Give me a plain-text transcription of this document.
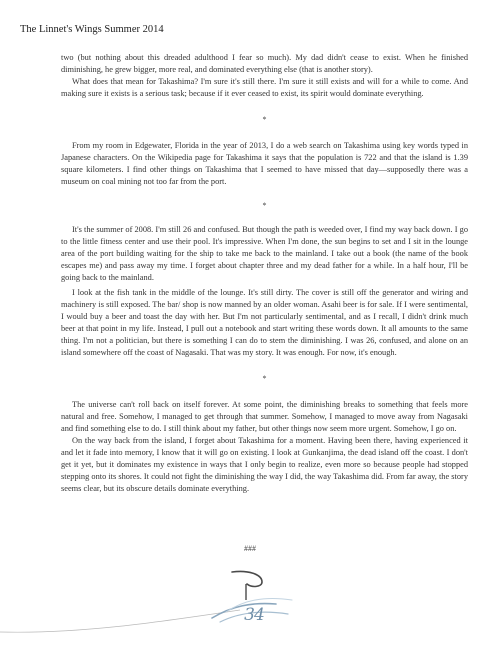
The Linnet's Wings Summer 2014

two (but nothing about this dreaded adulthood I fear so much). My dad didn't cease to exist. When he finished diminishing, he grew bigger, more real, and dominated everything else (that is another story).

What does that mean for Takashima? I'm sure it's still there. I'm sure it still exists and will for a while to come. And making sure it exists is a serious task; because if it ever ceased to exist, its spirit would dominate everything.

*

From my room in Edgewater, Florida in the year of 2013, I do a web search on Takashima using key words typed in Japanese characters. On the Wikipedia page for Takashima it says that the population is 722 and that the island is 1.39 square kilometers. I find other things on Takashima that I seemed to have missed that day—supposedly there was a museum on coal mining not too far from the port.

*

It's the summer of 2008. I'm still 26 and confused. But though the path is weeded over, I find my way back down. I go to the little fitness center and use their pool. It's impressive. When I'm done, the sun begins to set and I sit in the lounge area of the port building waiting for the ship to take me back to the mainland. I take out a book (the name of the book escapes me) and pass away my time. I forget about chapter three and my dead father for a while. In a half hour, I'll be going back to the mainland.

I look at the fish tank in the middle of the lounge. It's still dirty. The cover is still off the generator and wiring and machinery is still exposed. The bar/ shop is now manned by an older woman. Asahi beer is for sale. If I were sentimental, I would buy a beer and toast the day with her. But I'm not particularly sentimental, and as I recall, I didn't drink much beer at that point in my life. Instead, I pull out a notebook and start writing these words down. It all amounts to the same thing. I'm not a politician, but there is something I can do to stem the diminishing. I was 26, confused, and alone on an island somewhere off the coast of Nagasaki. That was my story. It was enough. For now, it's enough.

*

The universe can't roll back on itself forever. At some point, the diminishing breaks to something that feels more natural and free. Somehow, I managed to get through that summer. Somehow, I managed to move away from Nagasaki and find something else to do. I still think about my father, but other things now seem more urgent. Somehow, I go on.

On the way back from the island, I forget about Takashima for a moment. Having been there, having experienced it and let it fade into memory, I know that it will go on existing. I look at Gunkanjima, the dead island off the coast. I don't get it yet, but it dominates my existence in ways that I only begin to realize, even more so because people had stopped stepping onto its shores. It could not fight the diminishing the way I did, the way Takashima did. From far away, the story seems clear, but its obscure details dominate everything.

###
34
